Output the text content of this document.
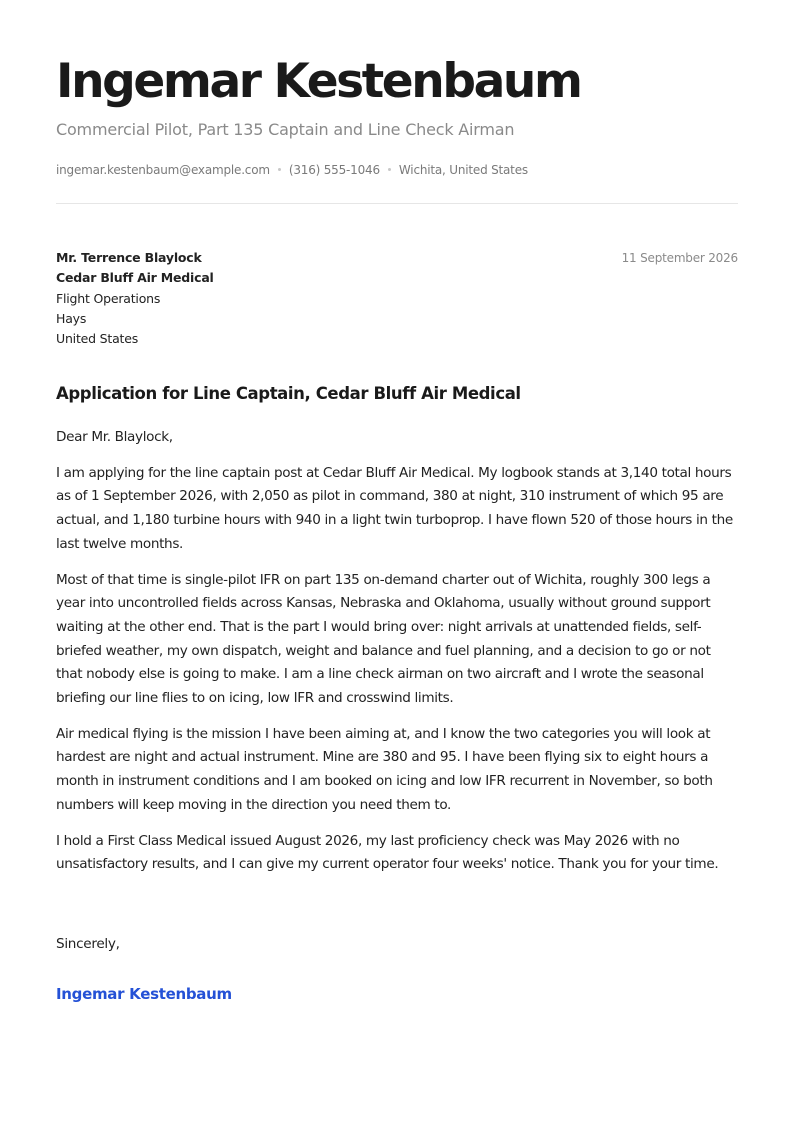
Ingemar Kestenbaum
Commercial Pilot, Part 135 Captain and Line Check Airman
ingemar.kestenbaum@example.com (316) 555-1046 Wichita, United States
Mr. Terrence Blaylock
Cedar Bluff Air Medical
Flight Operations
Hays
United States
11 September 2026
Application for Line Captain, Cedar Bluff Air Medical

Dear Mr. Blaylock,

I am applying for the line captain post at Cedar Bluff Air Medical. My logbook stands at 3,140 total hours as of 1 September 2026, with 2,050 as pilot in command, 380 at night, 310 instrument of which 95 are actual, and 1,180 turbine hours with 940 in a light twin turboprop. I have flown 520 of those hours in the last twelve months.

Most of that time is single-pilot IFR on part 135 on-demand charter out of Wichita, roughly 300 legs a year into uncontrolled fields across Kansas, Nebraska and Oklahoma, usually without ground support waiting at the other end. That is the part I would bring over: night arrivals at unattended fields, self-briefed weather, my own dispatch, weight and balance and fuel planning, and a decision to go or not that nobody else is going to make. I am a line check airman on two aircraft and I wrote the seasonal briefing our line flies to on icing, low IFR and crosswind limits.

Air medical flying is the mission I have been aiming at, and I know the two categories you will look at hardest are night and actual instrument. Mine are 380 and 95. I have been flying six to eight hours a month in instrument conditions and I am booked on icing and low IFR recurrent in November, so both numbers will keep moving in the direction you need them to.

I hold a First Class Medical issued August 2026, my last proficiency check was May 2026 with no unsatisfactory results, and I can give my current operator four weeks' notice. Thank you for your time.

Sincerely,
Ingemar Kestenbaum
